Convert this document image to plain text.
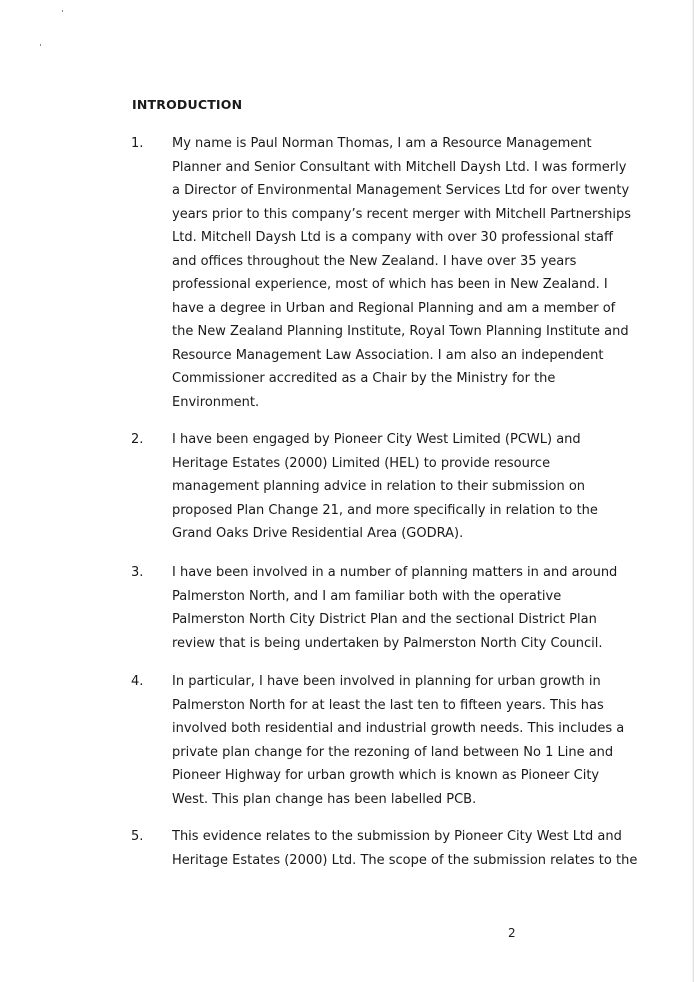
INTRODUCTION
1. My name is Paul Norman Thomas, I am a Resource Management
Planner and Senior Consultant with Mitchell Daysh Ltd. I was formerly
a Director of Environmental Management Services Ltd for over twenty
years prior to this company’s recent merger with Mitchell Partnerships
Ltd. Mitchell Daysh Ltd is a company with over 30 professional staff
and offices throughout the New Zealand. I have over 35 years
professional experience, most of which has been in New Zealand. I
have a degree in Urban and Regional Planning and am a member of
the New Zealand Planning Institute, Royal Town Planning Institute and
Resource Management Law Association. I am also an independent
Commissioner accredited as a Chair by the Ministry for the
Environment.
2. I have been engaged by Pioneer City West Limited (PCWL) and
Heritage Estates (2000) Limited (HEL) to provide resource
management planning advice in relation to their submission on
proposed Plan Change 21, and more specifically in relation to the
Grand Oaks Drive Residential Area (GODRA).
3. I have been involved in a number of planning matters in and around
Palmerston North, and I am familiar both with the operative
Palmerston North City District Plan and the sectional District Plan
review that is being undertaken by Palmerston North City Council.
4. In particular, I have been involved in planning for urban growth in
Palmerston North for at least the last ten to fifteen years. This has
involved both residential and industrial growth needs. This includes a
private plan change for the rezoning of land between No 1 Line and
Pioneer Highway for urban growth which is known as Pioneer City
West. This plan change has been labelled PCB.
5. This evidence relates to the submission by Pioneer City West Ltd and
Heritage Estates (2000) Ltd. The scope of the submission relates to the
2
